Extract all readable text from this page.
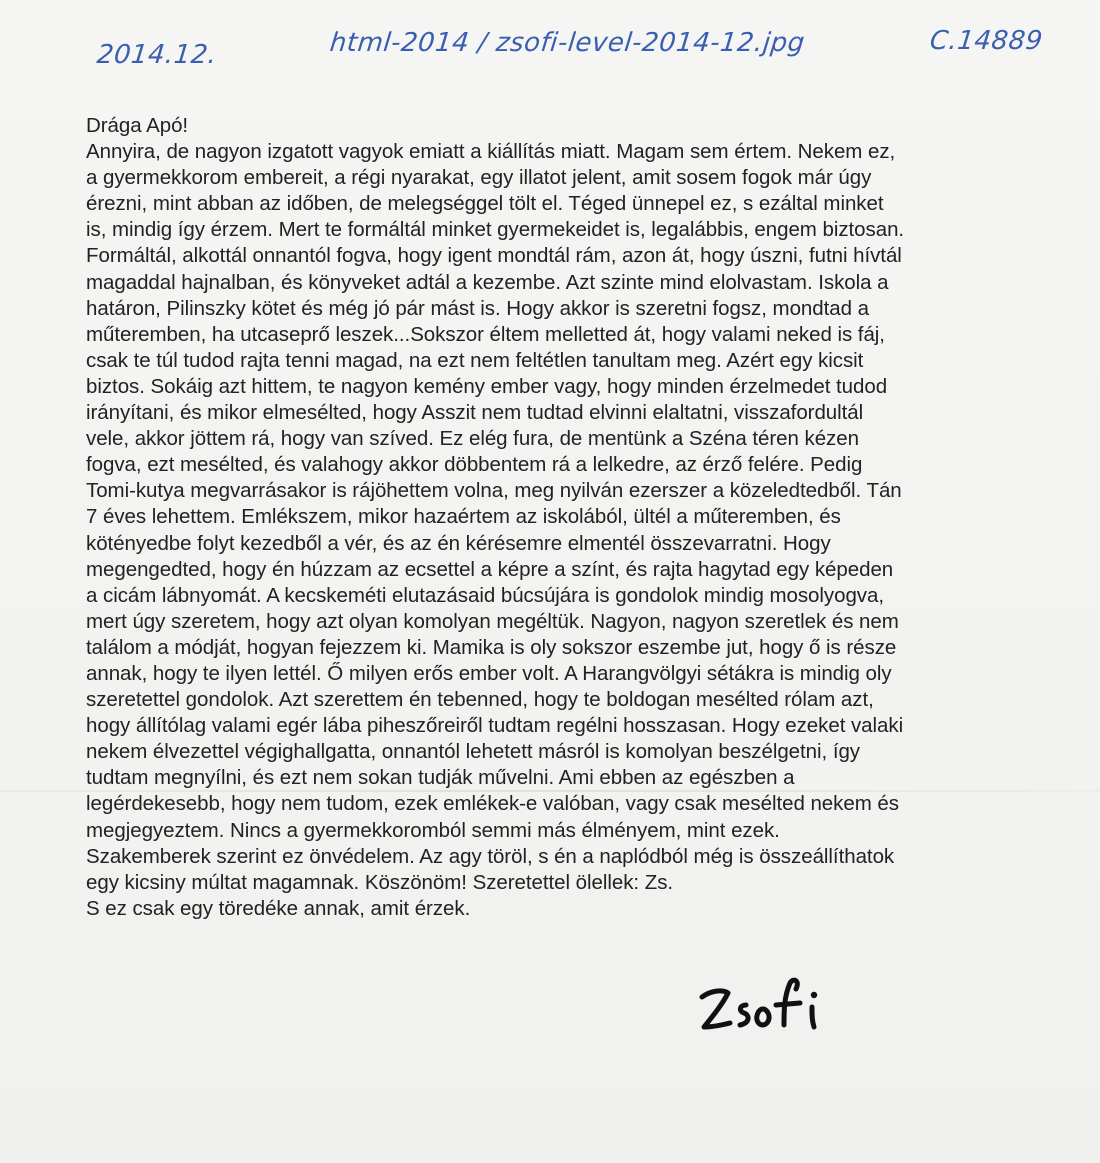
2014.12.	html-2014 / zsofi-level-2014-12.jpg	C.14889
Drága Apó!
Annyira, de nagyon izgatott vagyok emiatt a kiállítás miatt. Magam sem értem. Nekem ez,
a gyermekkorom embereit, a régi nyarakat, egy illatot jelent, amit sosem fogok már úgy
érezni, mint abban az időben, de melegséggel tölt el. Téged ünnepel ez, s ezáltal minket
is, mindig így érzem. Mert te formáltál minket gyermekeidet is, legalábbis, engem biztosan.
Formáltál, alkottál onnantól fogva, hogy igent mondtál rám, azon át, hogy úszni, futni hívtál
magaddal hajnalban, és könyveket adtál a kezembe. Azt szinte mind elolvastam. Iskola a
határon, Pilinszky kötet és még jó pár mást is. Hogy akkor is szeretni fogsz, mondtad a
műteremben, ha utcaseprő leszek...Sokszor éltem melletted át, hogy valami neked is fáj,
csak te túl tudod rajta tenni magad, na ezt nem feltétlen tanultam meg. Azért egy kicsit
biztos. Sokáig azt hittem, te nagyon kemény ember vagy, hogy minden érzelmedet tudod
irányítani, és mikor elmesélted, hogy Asszit nem tudtad elvinni elaltatni, visszafordultál
vele, akkor jöttem rá, hogy van szíved. Ez elég fura, de mentünk a Széna téren kézen
fogva, ezt mesélted, és valahogy akkor döbbentem rá a lelkedre, az érző felére. Pedig
Tomi-kutya megvarrásakor is rájöhettem volna, meg nyilván ezerszer a közeledtedből. Tán
7 éves lehettem. Emlékszem, mikor hazaértem az iskolából, ültél a műteremben, és
kötényedbe folyt kezedből a vér, és az én kérésemre elmentél összevarratni. Hogy
megengedted, hogy én húzzam az ecsettel a képre a színt, és rajta hagytad egy képeden
a cicám lábnyomát. A kecskeméti elutazásaid búcsújára is gondolok mindig mosolyogva,
mert úgy szeretem, hogy azt olyan komolyan megéltük. Nagyon, nagyon szeretlek és nem
találom a módját, hogyan fejezzem ki. Mamika is oly sokszor eszembe jut, hogy ő is része
annak, hogy te ilyen lettél. Ő milyen erős ember volt. A Harangvölgyi sétákra is mindig oly
szeretettel gondolok. Azt szerettem én tebenned, hogy te boldogan mesélted rólam azt,
hogy állítólag valami egér lába piheszőreiről tudtam regélni hosszasan. Hogy ezeket valaki
nekem élvezettel végighallgatta, onnantól lehetett másról is komolyan beszélgetni, így
tudtam megnyílni, és ezt nem sokan tudják művelni. Ami ebben az egészben a
legérdekesebb, hogy nem tudom, ezek emlékek-e valóban, vagy csak mesélted nekem és
megjegyeztem. Nincs a gyermekkoromból semmi más élményem, mint ezek.
Szakemberek szerint ez önvédelem. Az agy töröl, s én a naplódból még is összeállíthatok
egy kicsiny múltat magamnak. Köszönöm! Szeretettel ölellek: Zs.
S ez csak egy töredéke annak, amit érzek.
